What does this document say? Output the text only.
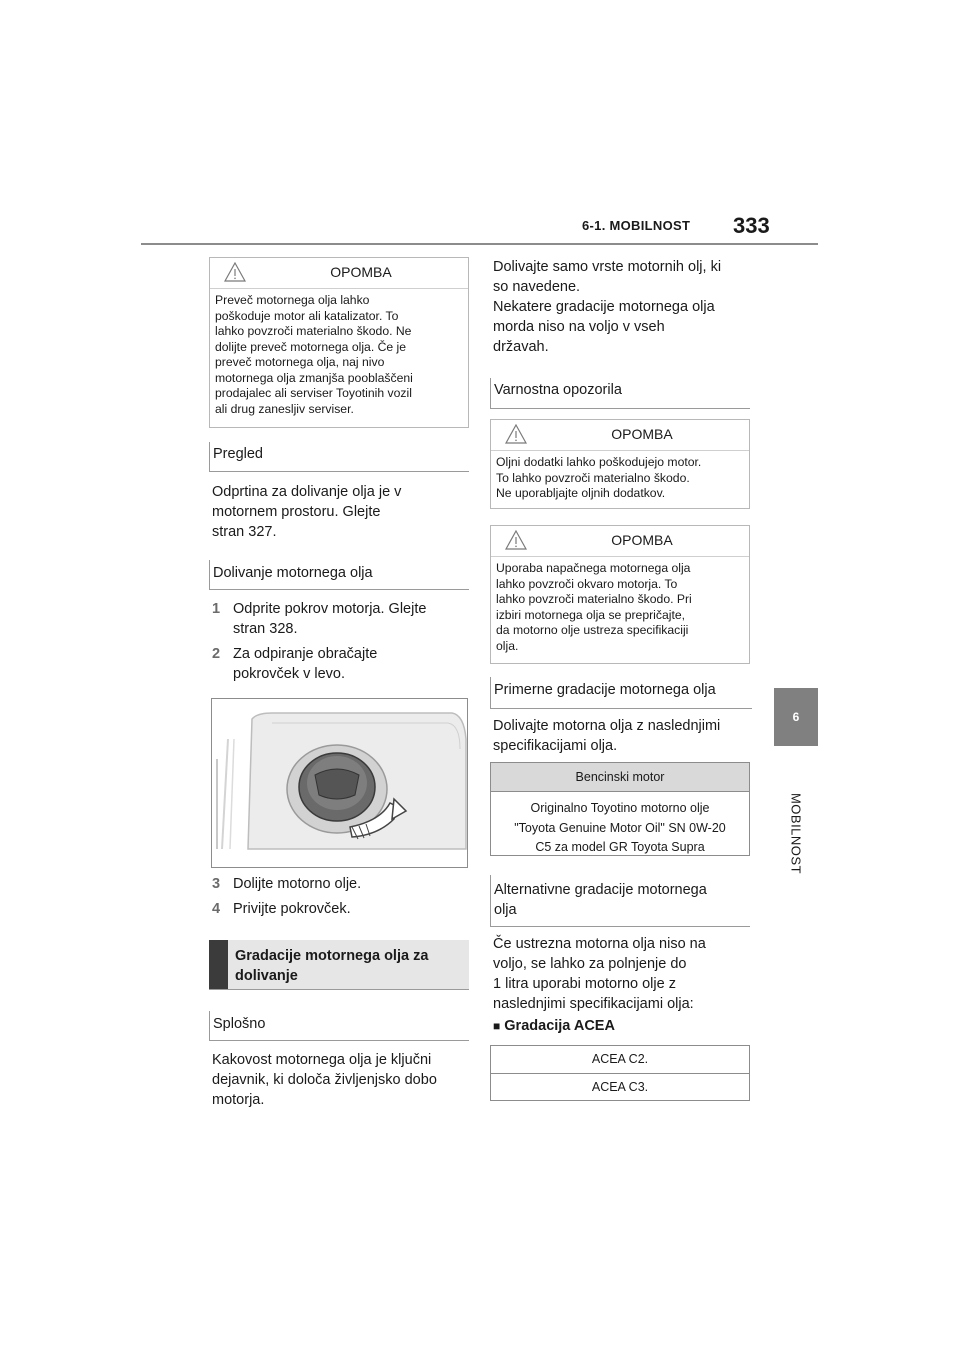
6-1. MOBILNOST 333
6
MOBILNOST
OPOMBA
Preveč motornega olja lahko
poškoduje motor ali katalizator. To
lahko povzroči materialno škodo. Ne
dolijte preveč motornega olja. Če je
preveč motornega olja, naj nivo
motornega olja zmanjša pooblaščeni
prodajalec ali serviser Toyotinih vozil
ali drug zanesljiv serviser.
Pregled
Odprtina za dolivanje olja je v
motornem prostoru. Glejte
stran 327.
Dolivanje motornega olja
1 Odprite pokrov motorja. Glejte
stran 328.
2 Za odpiranje obračajte
pokrovček v levo.
3 Dolijte motorno olje.
4 Privijte pokrovček.
Gradacije motornega olja za
dolivanje
Splošno
Kakovost motornega olja je ključni
dejavnik, ki določa življenjsko dobo
motorja.
Dolivajte samo vrste motornih olj, ki
so navedene.
Nekatere gradacije motornega olja
morda niso na voljo v vseh
državah.
Varnostna opozorila
OPOMBA
Oljni dodatki lahko poškodujejo motor.
To lahko povzroči materialno škodo.
Ne uporabljajte oljnih dodatkov.
OPOMBA
Uporaba napačnega motornega olja
lahko povzroči okvaro motorja. To
lahko povzroči materialno škodo. Pri
izbiri motornega olja se prepričajte,
da motorno olje ustreza specifikaciji
olja.
Primerne gradacije motornega olja
Dolivajte motorna olja z naslednjimi
specifikacijami olja.
Bencinski motor
Originalno Toyotino motorno olje
"Toyota Genuine Motor Oil" SN 0W-20
C5 za model GR Toyota Supra
Alternativne gradacije motornega
olja
Če ustrezna motorna olja niso na
voljo, se lahko za polnjenje do
1 litra uporabi motorno olje z
naslednjimi specifikacijami olja:
■ Gradacija ACEA
ACEA C2.
ACEA C3.
